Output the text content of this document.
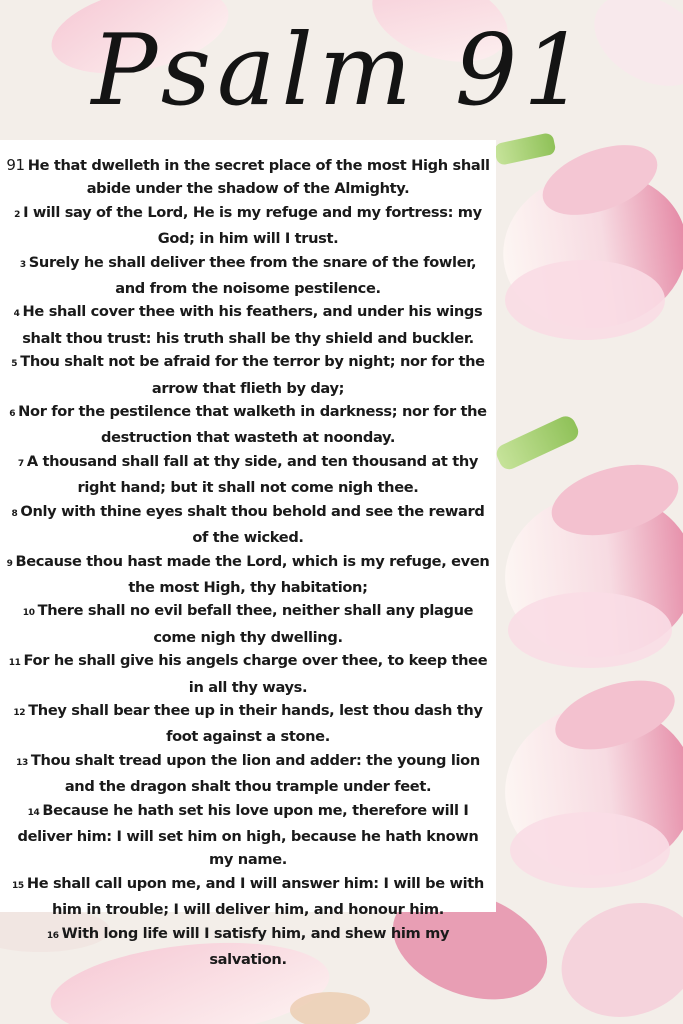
Psalm 91

91 He that dwelleth in the secret place of the most High shall abide under the shadow of the Almighty.

2 I will say of the Lord, He is my refuge and my fortress: my God; in him will I trust.

3 Surely he shall deliver thee from the snare of the fowler, and from the noisome pestilence.

4 He shall cover thee with his feathers, and under his wings shalt thou trust: his truth shall be thy shield and buckler.

5 Thou shalt not be afraid for the terror by night; nor for the arrow that flieth by day;

6 Nor for the pestilence that walketh in darkness; nor for the destruction that wasteth at noonday.

7 A thousand shall fall at thy side, and ten thousand at thy right hand; but it shall not come nigh thee.

8 Only with thine eyes shalt thou behold and see the reward of the wicked.

9 Because thou hast made the Lord, which is my refuge, even the most High, thy habitation;

10 There shall no evil befall thee, neither shall any plague come nigh thy dwelling.

11 For he shall give his angels charge over thee, to keep thee in all thy ways.

12 They shall bear thee up in their hands, lest thou dash thy foot against a stone.

13 Thou shalt tread upon the lion and adder: the young lion and the dragon shalt thou trample under feet.

14 Because he hath set his love upon me, therefore will I deliver him: I will set him on high, because he hath known my name.

15 He shall call upon me, and I will answer him: I will be with him in trouble; I will deliver him, and honour him.

16 With long life will I satisfy him, and shew him my salvation.
